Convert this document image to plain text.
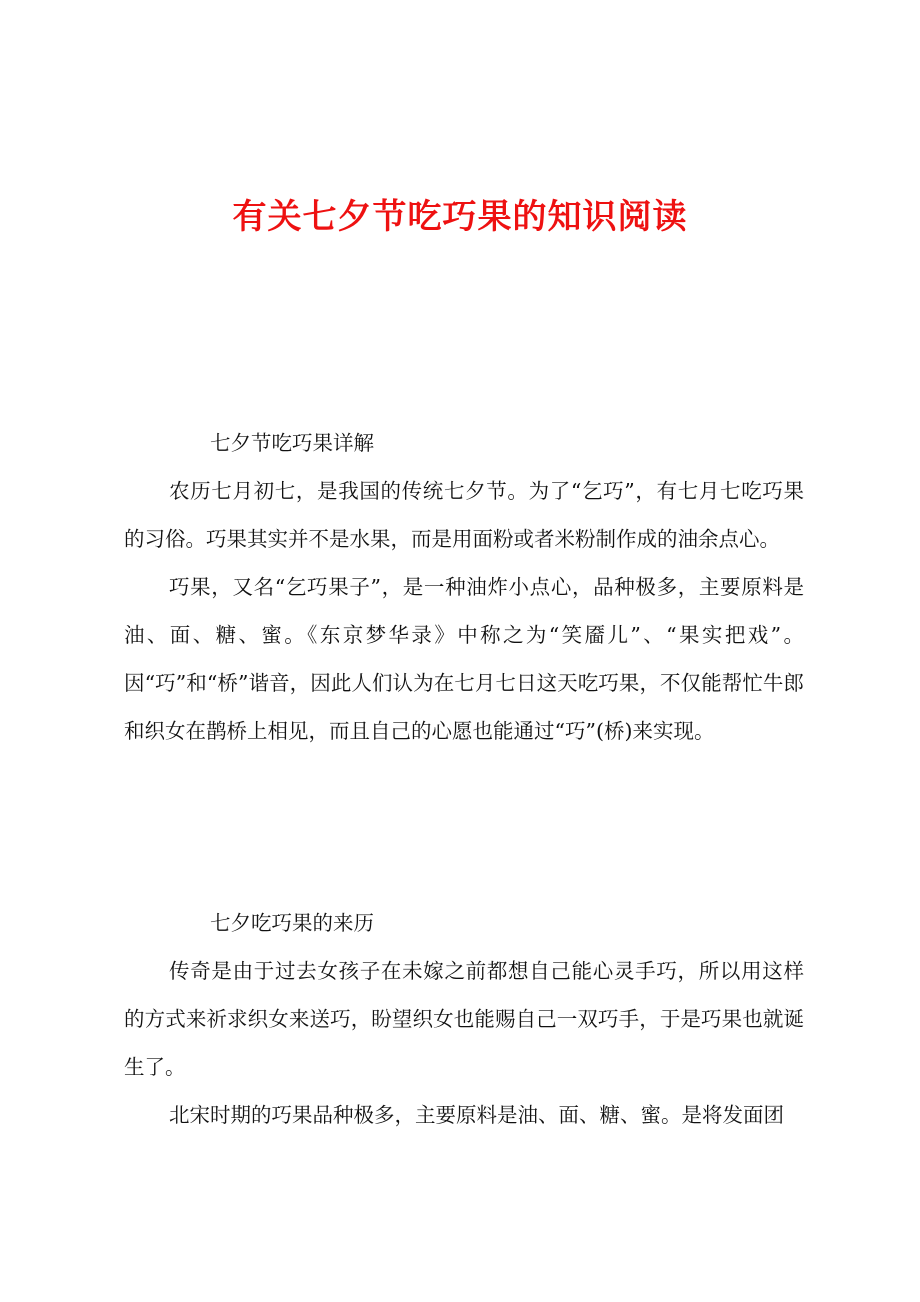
有关七夕节吃巧果的知识阅读

七夕节吃巧果详解

农历七月初七，是我国的传统七夕节。为了“乞巧”，有七月七吃巧果的习俗。巧果其实并不是水果，而是用面粉或者米粉制作成的油余点心。

巧果，又名“乞巧果子”，是一种油炸小点心，品种极多，主要原料是油、面、糖、蜜。《东京梦华录》中称之为“笑靥儿”、“果实把戏”。因“巧”和“桥”谐音，因此人们认为在七月七日这天吃巧果，不仅能帮忙牛郎和织女在鹊桥上相见，而且自己的心愿也能通过“巧”(桥)来实现。

七夕吃巧果的来历

传奇是由于过去女孩子在未嫁之前都想自己能心灵手巧，所以用这样的方式来祈求织女来送巧，盼望织女也能赐自己一双巧手，于是巧果也就诞生了。

北宋时期的巧果品种极多，主要原料是油、面、糖、蜜。是将发面团
